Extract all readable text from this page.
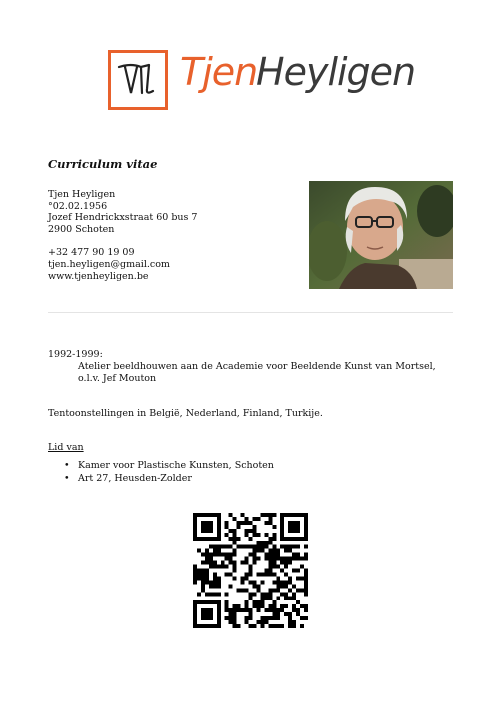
Tjen
Heyligen
Curriculum vitae
Tjen Heyligen
°02.02.1956
Jozef Hendrickxstraat 60 bus 7
2900 Schoten
+32 477 90 19 09
tjen.heyligen@gmail.com
www.tjenheyligen.be
1992-1999:
Atelier beeldhouwen aan de Academie voor Beeldende Kunst van Mortsel, o.l.v. Jef Mouton
Tentoonstellingen in België, Nederland, Finland, Turkije.
Lid van
• Kamer voor Plastische Kunsten, Schoten
• Art 27, Heusden-Zolder
